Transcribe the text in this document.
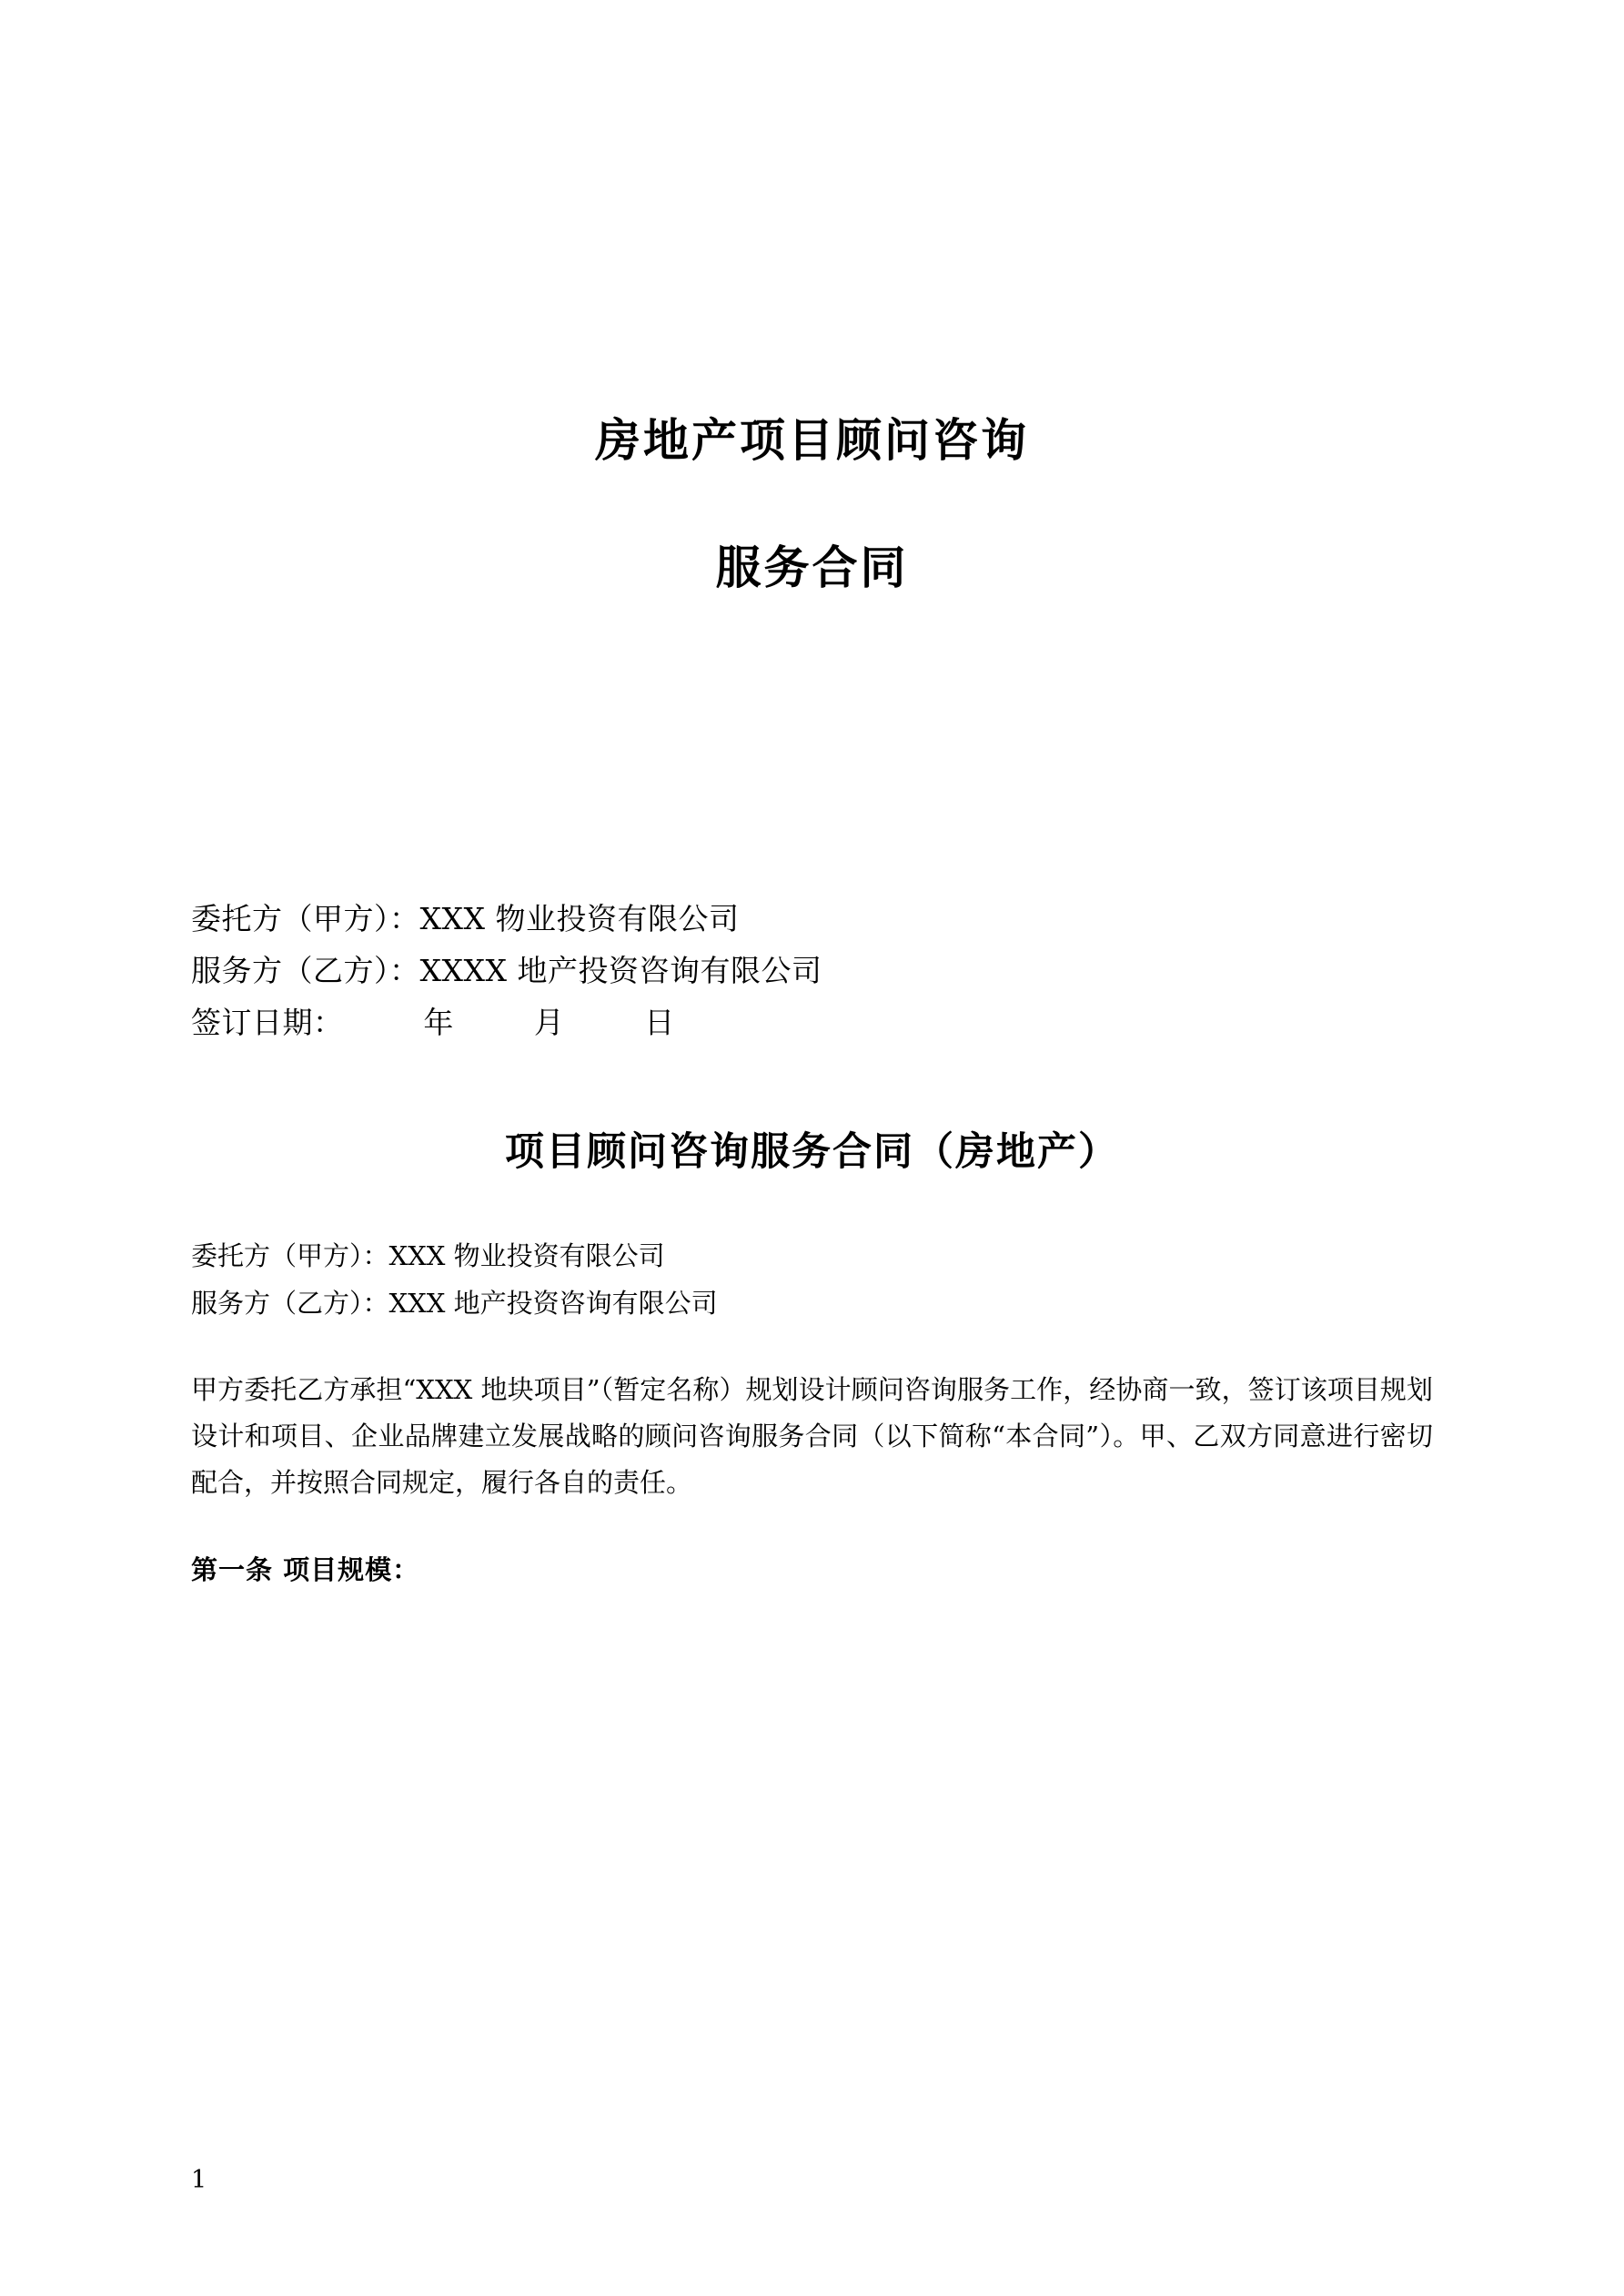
房地产项目顾问咨询
服务合同
委托方（甲方）：XXX 物业投资有限公司
服务方（乙方）：XXXX 地产投资咨询有限公司
签订日期：        年        月        日
项目顾问咨询服务合同（房地产）
委托方（甲方）：XXX 物业投资有限公司
服务方（乙方）：XXX 地产投资咨询有限公司
甲方委托乙方承担“XXX 地块项目”（暂定名称）规划设计顾问咨询服务工作，经协商一致，签订该项目规划设计和项目、企业品牌建立发展战略的顾问咨询服务合同（以下简称“本合同”）。甲、乙双方同意进行密切配合，并按照合同规定，履行各自的责任。
第一条 项目规模：
1
